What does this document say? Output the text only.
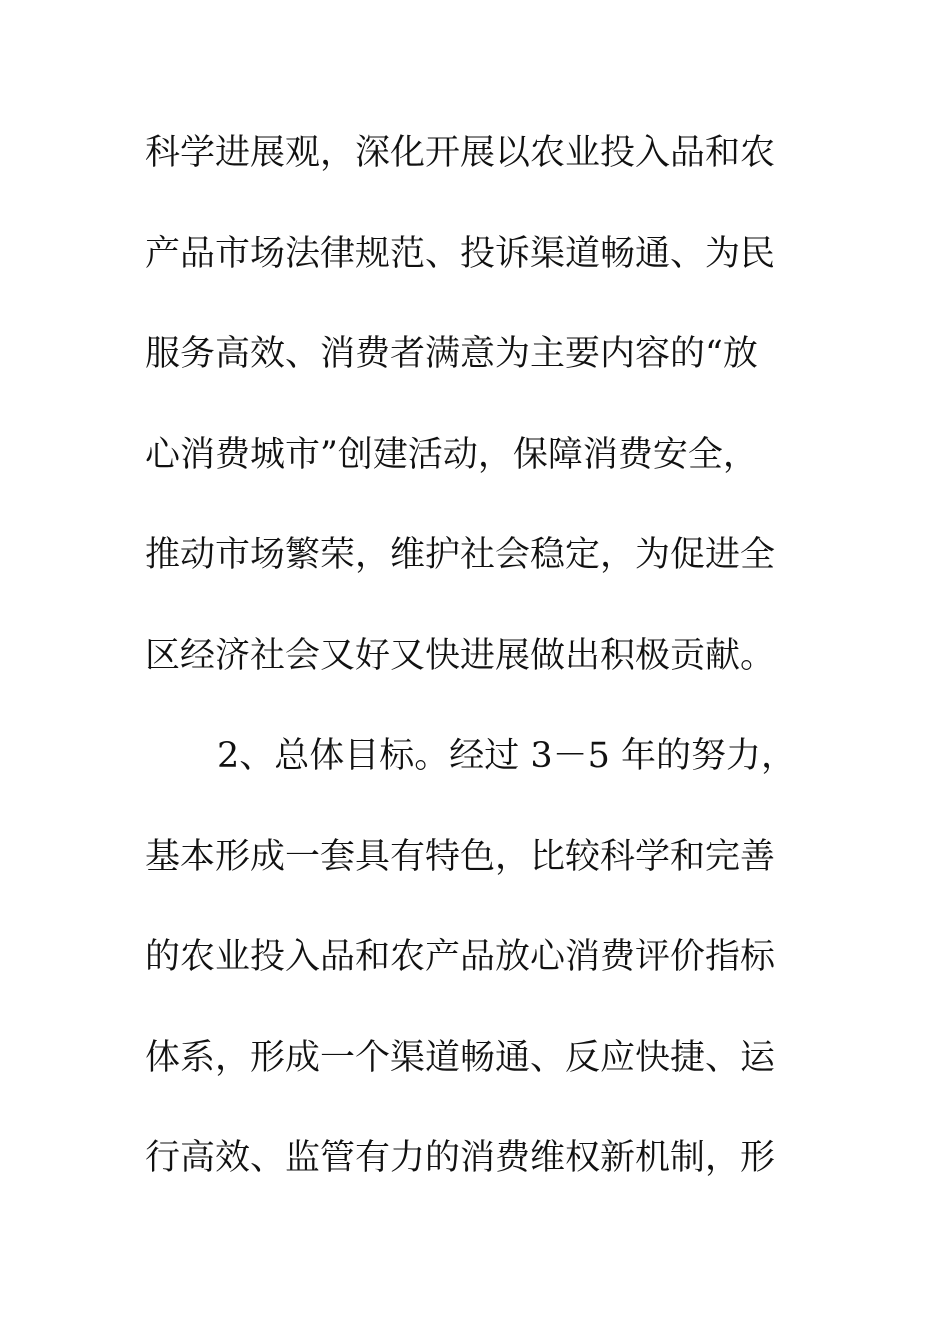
科学进展观，深化开展以农业投入品和农
产品市场法律规范、投诉渠道畅通、为民
服务高效、消费者满意为主要内容的“放
心消费城市”创建活动，保障消费安全，
推动市场繁荣，维护社会稳定，为促进全
区经济社会又好又快进展做出积极贡献。
2、总体目标。经过 3－5 年的努力，
基本形成一套具有特色，比较科学和完善
的农业投入品和农产品放心消费评价指标
体系，形成一个渠道畅通、反应快捷、运
行高效、监管有力的消费维权新机制，形
